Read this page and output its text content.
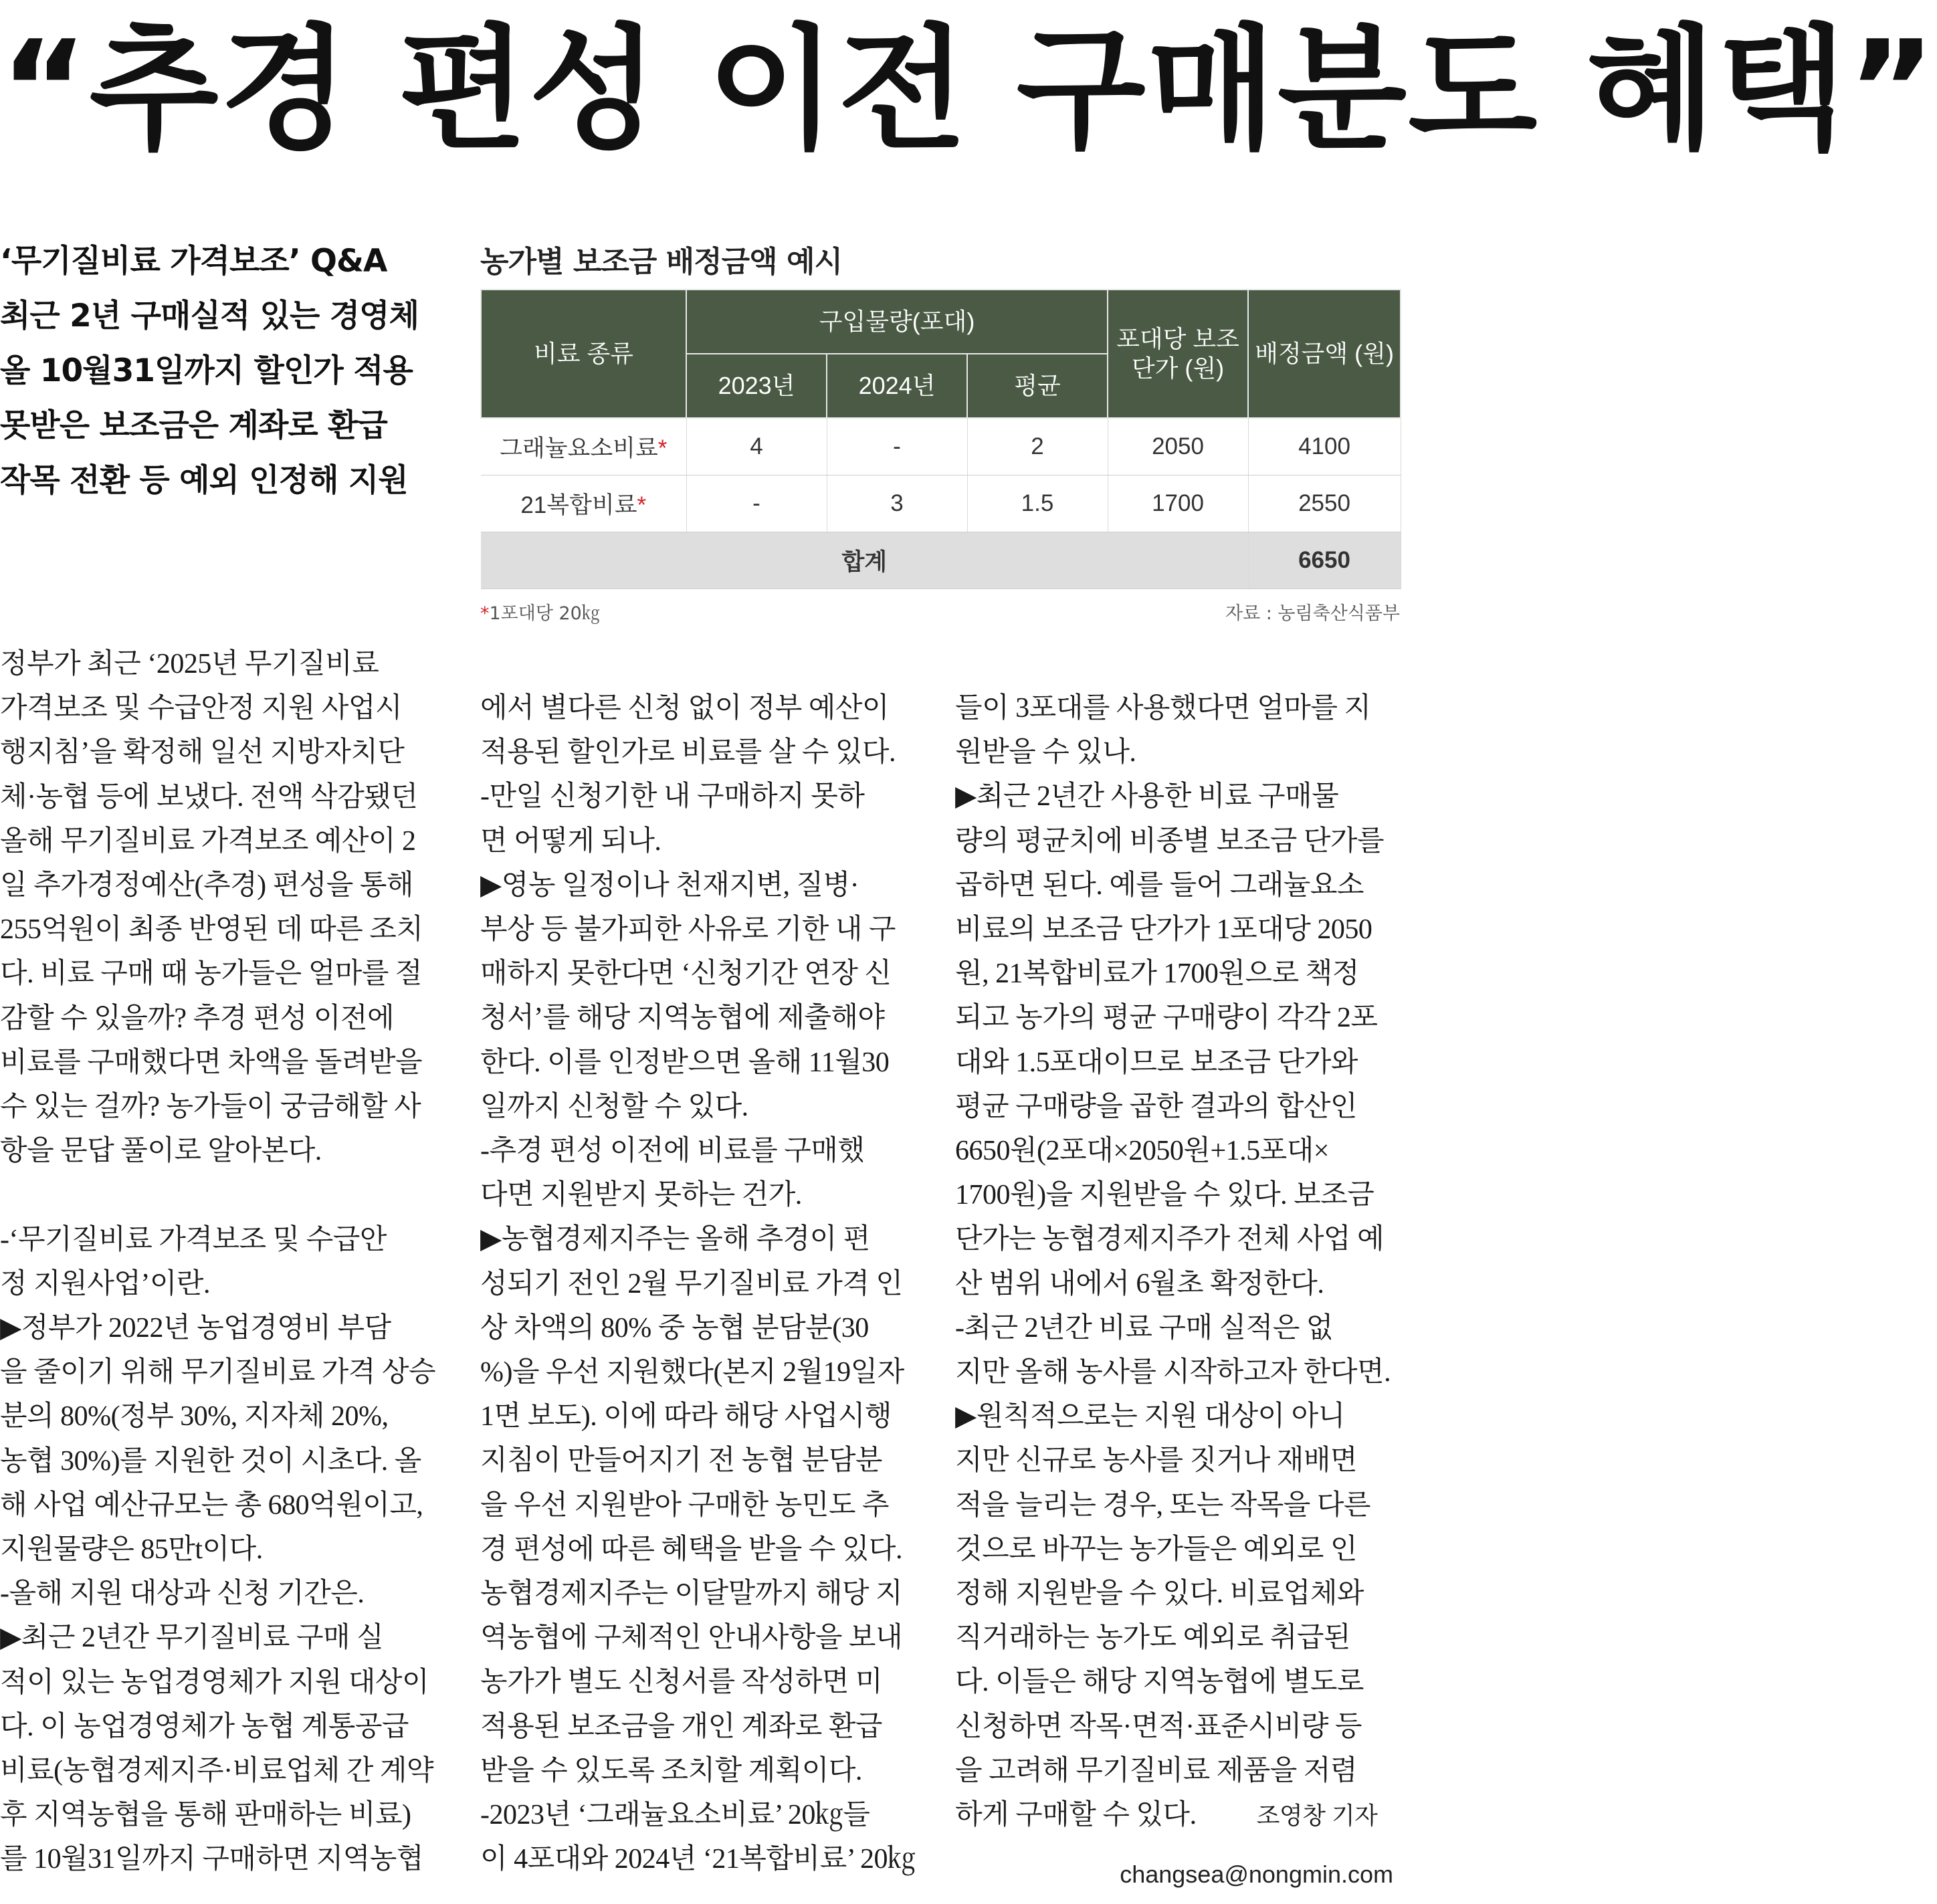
“추경 편성 이전 구매분도 혜택”
‘무기질비료 가격보조’ Q&A
최근 2년 구매실적 있는 경영체
올 10월31일까지 할인가 적용
못받은 보조금은 계좌로 환급
작목 전환 등 예외 인정해 지원
농가별 보조금 배정금액 예시
비료 종류	구입물량(포대)			포대당 보조단가 (원)	배정금액 (원)
	2023년	2024년	평균		
그래뉼요소비료*	4	-	2	2050	4100
21복합비료*	-	3	1.5	1700	2550
합계					6650
*1포대당 20㎏	자료 : 농림축산식품부

정부가 최근 ‘2025년 무기질비료

가격보조 및 수급안정 지원 사업시

행지침’을 확정해 일선 지방자치단

체·농협 등에 보냈다. 전액 삭감됐던

올해 무기질비료 가격보조 예산이 2

일 추가경정예산(추경) 편성을 통해

255억원이 최종 반영된 데 따른 조치

다. 비료 구매 때 농가들은 얼마를 절

감할 수 있을까? 추경 편성 이전에

비료를 구매했다면 차액을 돌려받을

수 있는 걸까? 농가들이 궁금해할 사

항을 문답 풀이로 알아본다.

-‘무기질비료 가격보조 및 수급안

정 지원사업’이란.

▶정부가 2022년 농업경영비 부담

을 줄이기 위해 무기질비료 가격 상승

분의 80%(정부 30%, 지자체 20%,

농협 30%)를 지원한 것이 시초다. 올

해 사업 예산규모는 총 680억원이고,

지원물량은 85만t이다.

-올해 지원 대상과 신청 기간은.

▶최근 2년간 무기질비료 구매 실

적이 있는 농업경영체가 지원 대상이

다. 이 농업경영체가 농협 계통공급

비료(농협경제지주·비료업체 간 계약

후 지역농협을 통해 판매하는 비료)

를 10월31일까지 구매하면 지역농협

에서 별다른 신청 없이 정부 예산이

적용된 할인가로 비료를 살 수 있다.

-만일 신청기한 내 구매하지 못하

면 어떻게 되나.

▶영농 일정이나 천재지변, 질병·

부상 등 불가피한 사유로 기한 내 구

매하지 못한다면 ‘신청기간 연장 신

청서’를 해당 지역농협에 제출해야

한다. 이를 인정받으면 올해 11월30

일까지 신청할 수 있다.

-추경 편성 이전에 비료를 구매했

다면 지원받지 못하는 건가.

▶농협경제지주는 올해 추경이 편

성되기 전인 2월 무기질비료 가격 인

상 차액의 80% 중 농협 분담분(30

%)을 우선 지원했다(본지 2월19일자

1면 보도). 이에 따라 해당 사업시행

지침이 만들어지기 전 농협 분담분

을 우선 지원받아 구매한 농민도 추

경 편성에 따른 혜택을 받을 수 있다.

농협경제지주는 이달말까지 해당 지

역농협에 구체적인 안내사항을 보내

농가가 별도 신청서를 작성하면 미

적용된 보조금을 개인 계좌로 환급

받을 수 있도록 조치할 계획이다.

-2023년 ‘그래뉼요소비료’ 20㎏들

이 4포대와 2024년 ‘21복합비료’ 20㎏

들이 3포대를 사용했다면 얼마를 지

원받을 수 있나.

▶최근 2년간 사용한 비료 구매물

량의 평균치에 비종별 보조금 단가를

곱하면 된다. 예를 들어 그래뉼요소

비료의 보조금 단가가 1포대당 2050

원, 21복합비료가 1700원으로 책정

되고 농가의 평균 구매량이 각각 2포

대와 1.5포대이므로 보조금 단가와

평균 구매량을 곱한 결과의 합산인

6650원(2포대×2050원+1.5포대×

1700원)을 지원받을 수 있다. 보조금

단가는 농협경제지주가 전체 사업 예

산 범위 내에서 6월초 확정한다.

-최근 2년간 비료 구매 실적은 없

지만 올해 농사를 시작하고자 한다면.

▶원칙적으로는 지원 대상이 아니

지만 신규로 농사를 짓거나 재배면

적을 늘리는 경우, 또는 작목을 다른

것으로 바꾸는 농가들은 예외로 인

정해 지원받을 수 있다. 비료업체와

직거래하는 농가도 예외로 취급된

다. 이들은 해당 지역농협에 별도로

신청하면 작목·면적·표준시비량 등

을 고려해 무기질비료 제품을 저렴

하게 구매할 수 있다.	조영창 기자

changsea@nongmin.com
